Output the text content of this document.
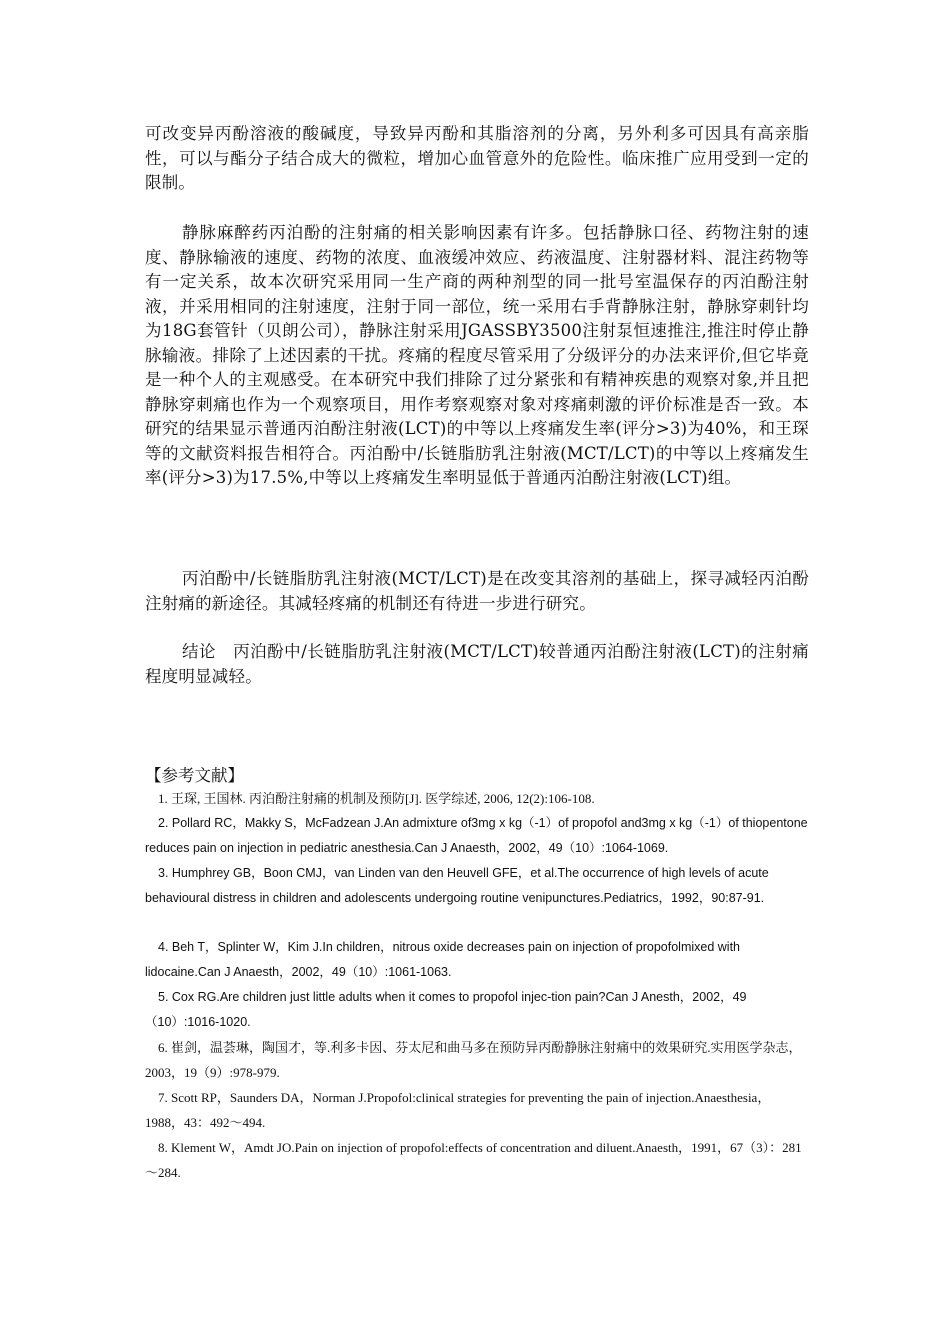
可改变异丙酚溶液的酸碱度，导致异丙酚和其脂溶剂的分离，另外利多可因具有高亲脂性，可以与酯分子结合成大的微粒，增加心血管意外的危险性。临床推广应用受到一定的限制。

静脉麻醉药丙泊酚的注射痛的相关影响因素有许多。包括静脉口径、药物注射的速度、静脉输液的速度、药物的浓度、血液缓冲效应、药液温度、注射器材料、混注药物等有一定关系，故本次研究采用同一生产商的两种剂型的同一批号室温保存的丙泊酚注射液，并采用相同的注射速度，注射于同一部位，统一采用右手背静脉注射，静脉穿刺针均为18G套管针（贝朗公司），静脉注射采用JGASSBY3500注射泵恒速推注,推注时停止静脉输液。排除了上述因素的干扰。疼痛的程度尽管采用了分级评分的办法来评价,但它毕竟是一种个人的主观感受。在本研究中我们排除了过分紧张和有精神疾患的观察对象,并且把静脉穿刺痛也作为一个观察项目，用作考察观察对象对疼痛刺激的评价标准是否一致。本研究的结果显示普通丙泊酚注射液(LCT)的中等以上疼痛发生率(评分>3)为40%，和王琛等的文献资料报告相符合。丙泊酚中/长链脂肪乳注射液(MCT/LCT)的中等以上疼痛发生率(评分>3)为17.5%,中等以上疼痛发生率明显低于普通丙泊酚注射液(LCT)组。

丙泊酚中/长链脂肪乳注射液(MCT/LCT)是在改变其溶剂的基础上，探寻减轻丙泊酚注射痛的新途径。其减轻疼痛的机制还有待进一步进行研究。

结论　丙泊酚中/长链脂肪乳注射液(MCT/LCT)较普通丙泊酚注射液(LCT)的注射痛程度明显减轻。

【参考文献】

1. 王琛, 王国林. 丙泊酚注射痛的机制及预防[J]. 医学综述, 2006, 12(2):106-108.

2. Pollard RC，Makky S，McFadzean J.An admixture of3mg x kg（-1）of propofol and3mg x kg（-1）of thiopentone reduces pain on injection in pediatric anesthesia.Can J Anaesth，2002，49（10）:1064-1069.

3. Humphrey GB，Boon CMJ，van Linden van den Heuvell GFE，et al.The occurrence of high levels of acute behavioural distress in children and adolescents undergoing routine venipunctures.Pediatrics，1992，90:87-91.

4. Beh T，Splinter W，Kim J.In children，nitrous oxide decreases pain on injection of propofolmixed with lidocaine.Can J Anaesth，2002，49（10）:1061-1063.

5. Cox RG.Are children just little adults when it comes to propofol injec-tion pain?Can J Anesth，2002，49（10）:1016-1020.

6. 崔剑，温荟琳，陶国才，等.利多卡因、芬太尼和曲马多在预防异丙酚静脉注射痛中的效果研究.实用医学杂志，2003，19（9）:978-979.

7. Scott RP，Saunders DA，Norman J.Propofol:clinical strategies for preventing the pain of injection.Anaesthesia，1988，43：492～494.

8. Klement W，Amdt JO.Pain on injection of propofol:effects of concentration and diluent.Anaesth，1991，67（3）：281～284.
